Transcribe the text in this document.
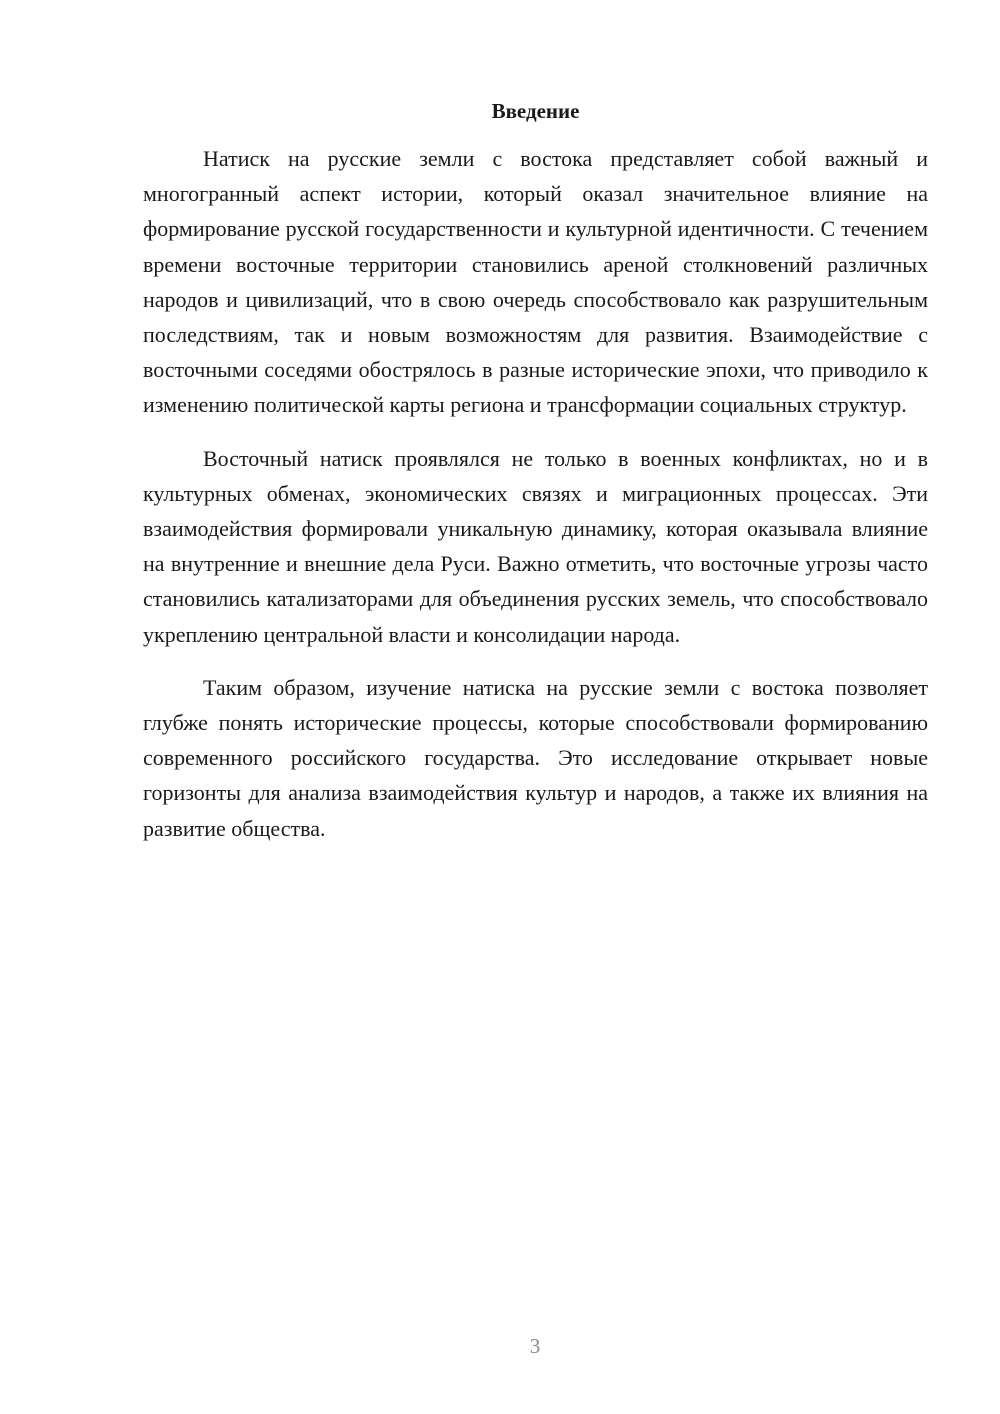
Введение

Натиск на русские земли с востока представляет собой важный и многогранный аспект истории, который оказал значительное влияние на формирование русской государственности и культурной идентичности. С течением времени восточные территории становились ареной столкновений различных народов и цивилизаций, что в свою очередь способствовало как разрушительным последствиям, так и новым возможностям для развития. Взаимодействие с восточными соседями обострялось в разные исторические эпохи, что приводило к изменению политической карты региона и трансформации социальных структур.

Восточный натиск проявлялся не только в военных конфликтах, но и в культурных обменах, экономических связях и миграционных процессах. Эти взаимодействия формировали уникальную динамику, которая оказывала влияние на внутренние и внешние дела Руси. Важно отметить, что восточные угрозы часто становились катализаторами для объединения русских земель, что способствовало укреплению центральной власти и консолидации народа.

Таким образом, изучение натиска на русские земли с востока позволяет глубже понять исторические процессы, которые способствовали формированию современного российского государства. Это исследование открывает новые горизонты для анализа взаимодействия культур и народов, а также их влияния на развитие общества.

3
